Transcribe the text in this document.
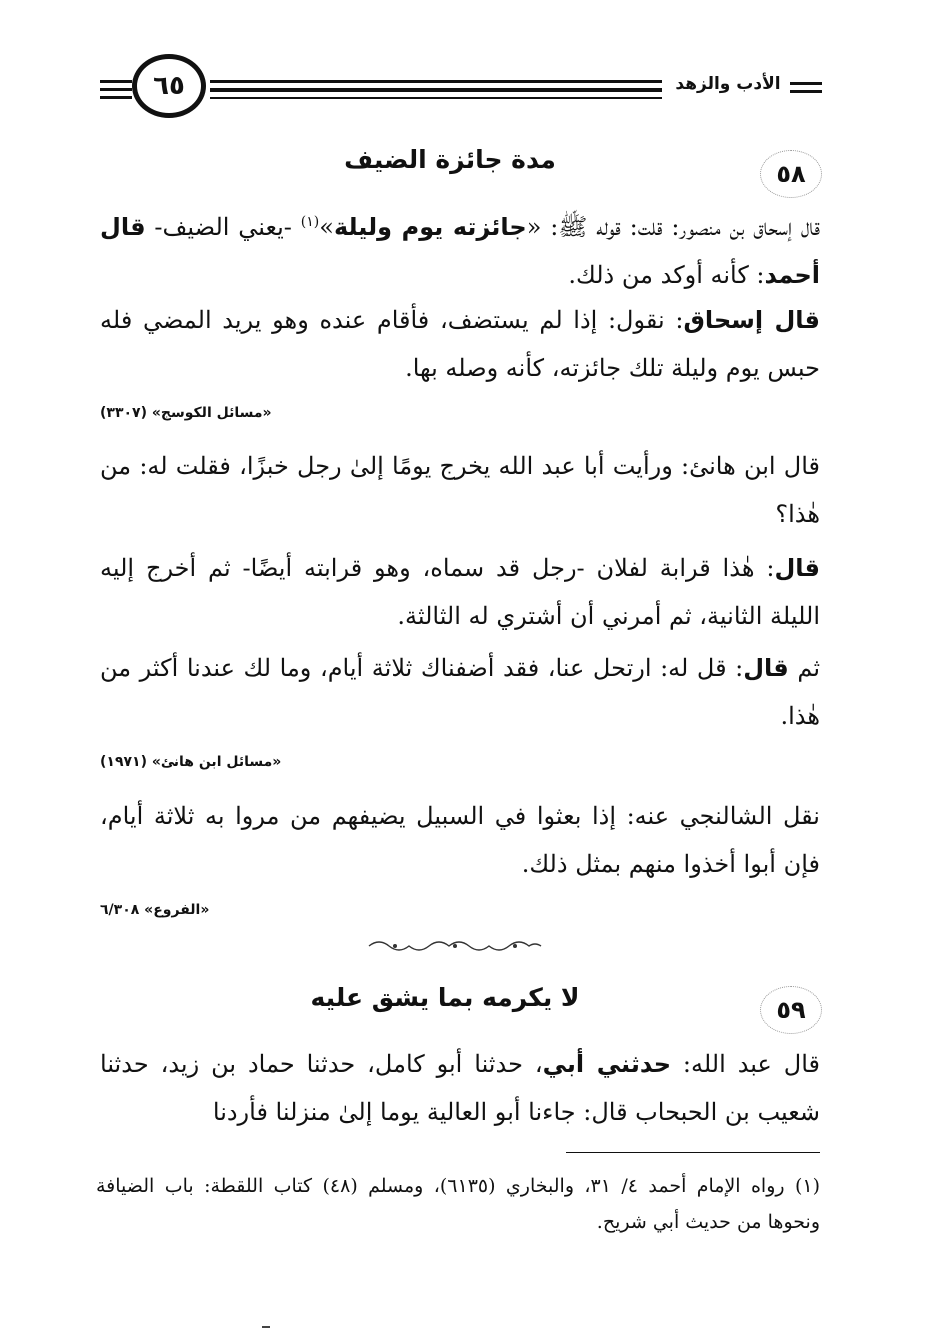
٦٥	الأدب والزهد
٥٨
مدة جائزة الضيف
قال إسحاق بن منصور: قلت: قوله ﷺ: «جائزته يوم وليلة»$^{(١)}$ -يعني الضيف- قال أحمد: كأنه أوكد من ذلك.
قال إسحاق: نقول: إذا لم يستضف، فأقام عنده وهو يريد المضي فله حبس يوم وليلة تلك جائزته، كأنه وصله بها.
«مسائل الكوسج» (٣٣٠٧)
قال ابن هانئ: ورأيت أبا عبد الله يخرج يومًا إلىٰ رجل خبزًا، فقلت له: من هٰذا؟
قال: هٰذا قرابة لفلان -رجل قد سماه، وهو قرابته أيضًا- ثم أخرج إليه الليلة الثانية، ثم أمرني أن أشتري له الثالثة.
ثم قال: قل له: ارتحل عنا، فقد أضفناك ثلاثة أيام، وما لك عندنا أكثر من هٰذا.
«مسائل ابن هانئ» (١٩٧١)
نقل الشالنجي عنه: إذا بعثوا في السبيل يضيفهم من مروا به ثلاثة أيام، فإن أبوا أخذوا منهم بمثل ذلك.
«الفروع» ٦/٣٠٨
٥٩
لا يكرمه بما يشق عليه
قال عبد الله: حدثني أبي، حدثنا أبو كامل، حدثنا حماد بن زيد، حدثنا شعيب بن الحبحاب قال: جاءنا أبو العالية يوما إلىٰ منزلنا فأردنا
(١) رواه الإمام أحمد ٤/ ٣١، والبخاري (٦١٣٥)، ومسلم (٤٨) كتاب اللقطة: باب الضيافة ونحوها من حديث أبي شريح.
